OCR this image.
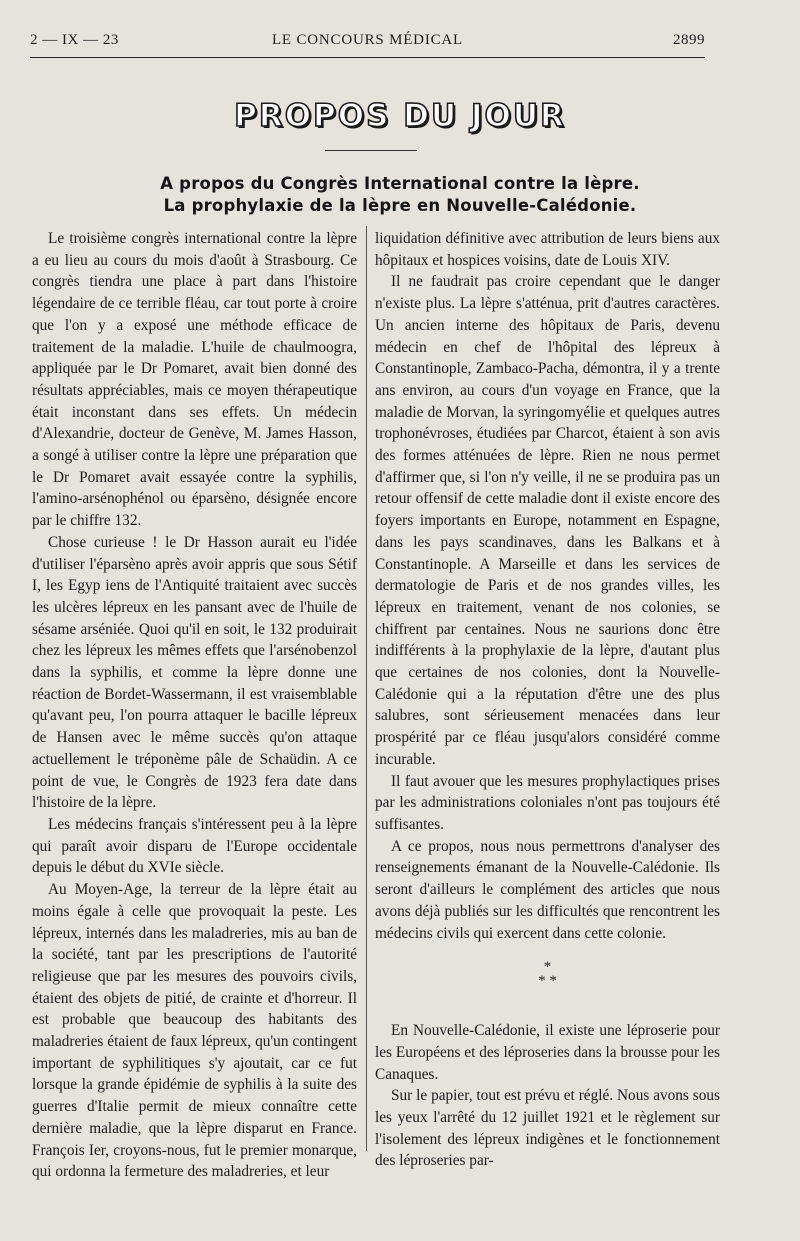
2 — IX — 23	LE CONCOURS MÉDICAL	2899
PROPOS DU JOUR
A propos du Congrès International contre la lèpre.
La prophylaxie de la lèpre en Nouvelle-Calédonie.

Le troisième congrès international contre la lèpre a eu lieu au cours du mois d'août à Strasbourg. Ce congrès tiendra une place à part dans l'histoire légendaire de ce terrible fléau, car tout porte à croire que l'on y a exposé une méthode efficace de traitement de la maladie. L'huile de chaulmoogra, appliquée par le Dr Pomaret, avait bien donné des résultats appréciables, mais ce moyen thérapeutique était inconstant dans ses effets. Un médecin d'Alexandrie, docteur de Genève, M. James Hasson, a songé à utiliser contre la lèpre une préparation que le Dr Pomaret avait essayée contre la syphilis, l'amino-arsénophénol ou éparsèno, désignée encore par le chiffre 132.

Chose curieuse ! le Dr Hasson aurait eu l'idée d'utiliser l'éparsèno après avoir appris que sous Sétif I, les Egyp iens de l'Antiquité traitaient avec succès les ulcères lépreux en les pansant avec de l'huile de sésame arséniée. Quoi qu'il en soit, le 132 produirait chez les lépreux les mêmes effets que l'arsénobenzol dans la syphilis, et comme la lèpre donne une réaction de Bordet-Wassermann, il est vraisemblable qu'avant peu, l'on pourra attaquer le bacille lépreux de Hansen avec le même succès qu'on attaque actuellement le tréponème pâle de Schaüdin. A ce point de vue, le Congrès de 1923 fera date dans l'histoire de la lèpre.

Les médecins français s'intéressent peu à la lèpre qui paraît avoir disparu de l'Europe occidentale depuis le début du XVIe siècle.

Au Moyen-Age, la terreur de la lèpre était au moins égale à celle que provoquait la peste. Les lépreux, internés dans les maladreries, mis au ban de la société, tant par les prescriptions de l'autorité religieuse que par les mesures des pouvoirs civils, étaient des objets de pitié, de crainte et d'horreur. Il est probable que beaucoup des habitants des maladreries étaient de faux lépreux, qu'un contingent important de syphilitiques s'y ajoutait, car ce fut lorsque la grande épidémie de syphilis à la suite des guerres d'Italie permit de mieux connaître cette dernière maladie, que la lèpre disparut en France. François Ier, croyons-nous, fut le premier monarque, qui ordonna la fermeture des maladreries, et leur

liquidation définitive avec attribution de leurs biens aux hôpitaux et hospices voisins, date de Louis XIV.

Il ne faudrait pas croire cependant que le danger n'existe plus. La lèpre s'atténua, prit d'autres caractères. Un ancien interne des hôpitaux de Paris, devenu médecin en chef de l'hôpital des lépreux à Constantinople, Zambaco-Pacha, démontra, il y a trente ans environ, au cours d'un voyage en France, que la maladie de Morvan, la syringomyélie et quelques autres trophonévroses, étudiées par Charcot, étaient à son avis des formes atténuées de lèpre. Rien ne nous permet d'affirmer que, si l'on n'y veille, il ne se produira pas un retour offensif de cette maladie dont il existe encore des foyers importants en Europe, notamment en Espagne, dans les pays scandinaves, dans les Balkans et à Constantinople. A Marseille et dans les services de dermatologie de Paris et de nos grandes villes, les lépreux en traitement, venant de nos colonies, se chiffrent par centaines. Nous ne saurions donc être indifférents à la prophylaxie de la lèpre, d'autant plus que certaines de nos colonies, dont la Nouvelle-Calédonie qui a la réputation d'être une des plus salubres, sont sérieusement menacées dans leur prospérité par ce fléau jusqu'alors considéré comme incurable.

Il faut avouer que les mesures prophylactiques prises par les administrations coloniales n'ont pas toujours été suffisantes.

A ce propos, nous nous permettrons d'analyser des renseignements émanant de la Nouvelle-Calédonie. Ils seront d'ailleurs le complément des articles que nous avons déjà publiés sur les difficultés que rencontrent les médecins civils qui exercent dans cette colonie.

*
* *

En Nouvelle-Calédonie, il existe une léproserie pour les Européens et des léproseries dans la brousse pour les Canaques.

Sur le papier, tout est prévu et réglé. Nous avons sous les yeux l'arrêté du 12 juillet 1921 et le règlement sur l'isolement des lépreux indigènes et le fonctionnement des léproseries par-
